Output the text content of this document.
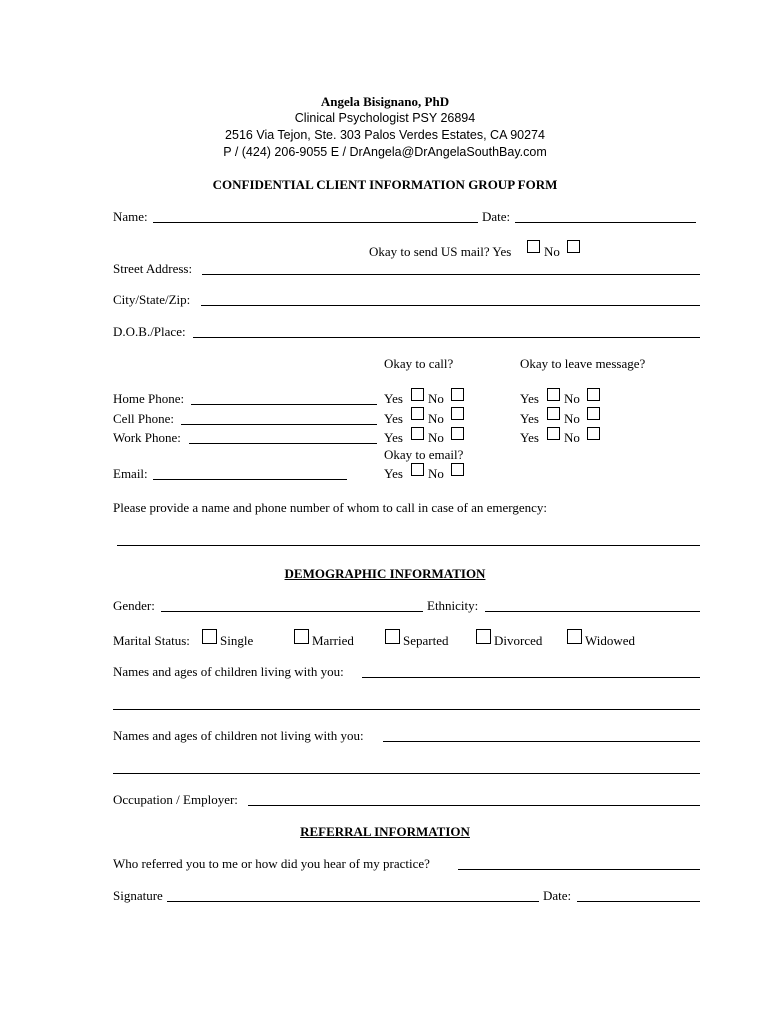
Angela Bisignano, PhD
Clinical Psychologist PSY 26894
2516 Via Tejon, Ste. 303 Palos Verdes Estates, CA 90274
P / (424) 206-9055 E / DrAngela@DrAngelaSouthBay.com
CONFIDENTIAL CLIENT INFORMATION GROUP FORM
Name:	Date:
Okay to send US mail? Yes	No
Street Address:
City/State/Zip:
D.O.B./Place:
Okay to call?	Okay to leave message?
Home Phone:	Yes No	Yes No
Cell Phone:	Yes No	Yes No
Work Phone:	Yes No	Yes No
Okay to email?
Email:	Yes No
Please provide a name and phone number of whom to call in case of an emergency:
DEMOGRAPHIC INFORMATION
Gender:	Ethnicity:
Marital Status: Single	Married	Separted	Divorced	Widowed
Names and ages of children living with you:
Names and ages of children not living with you:
Occupation / Employer:
REFERRAL INFORMATION
Who referred you to me or how did you hear of my practice?
Signature	Date:
